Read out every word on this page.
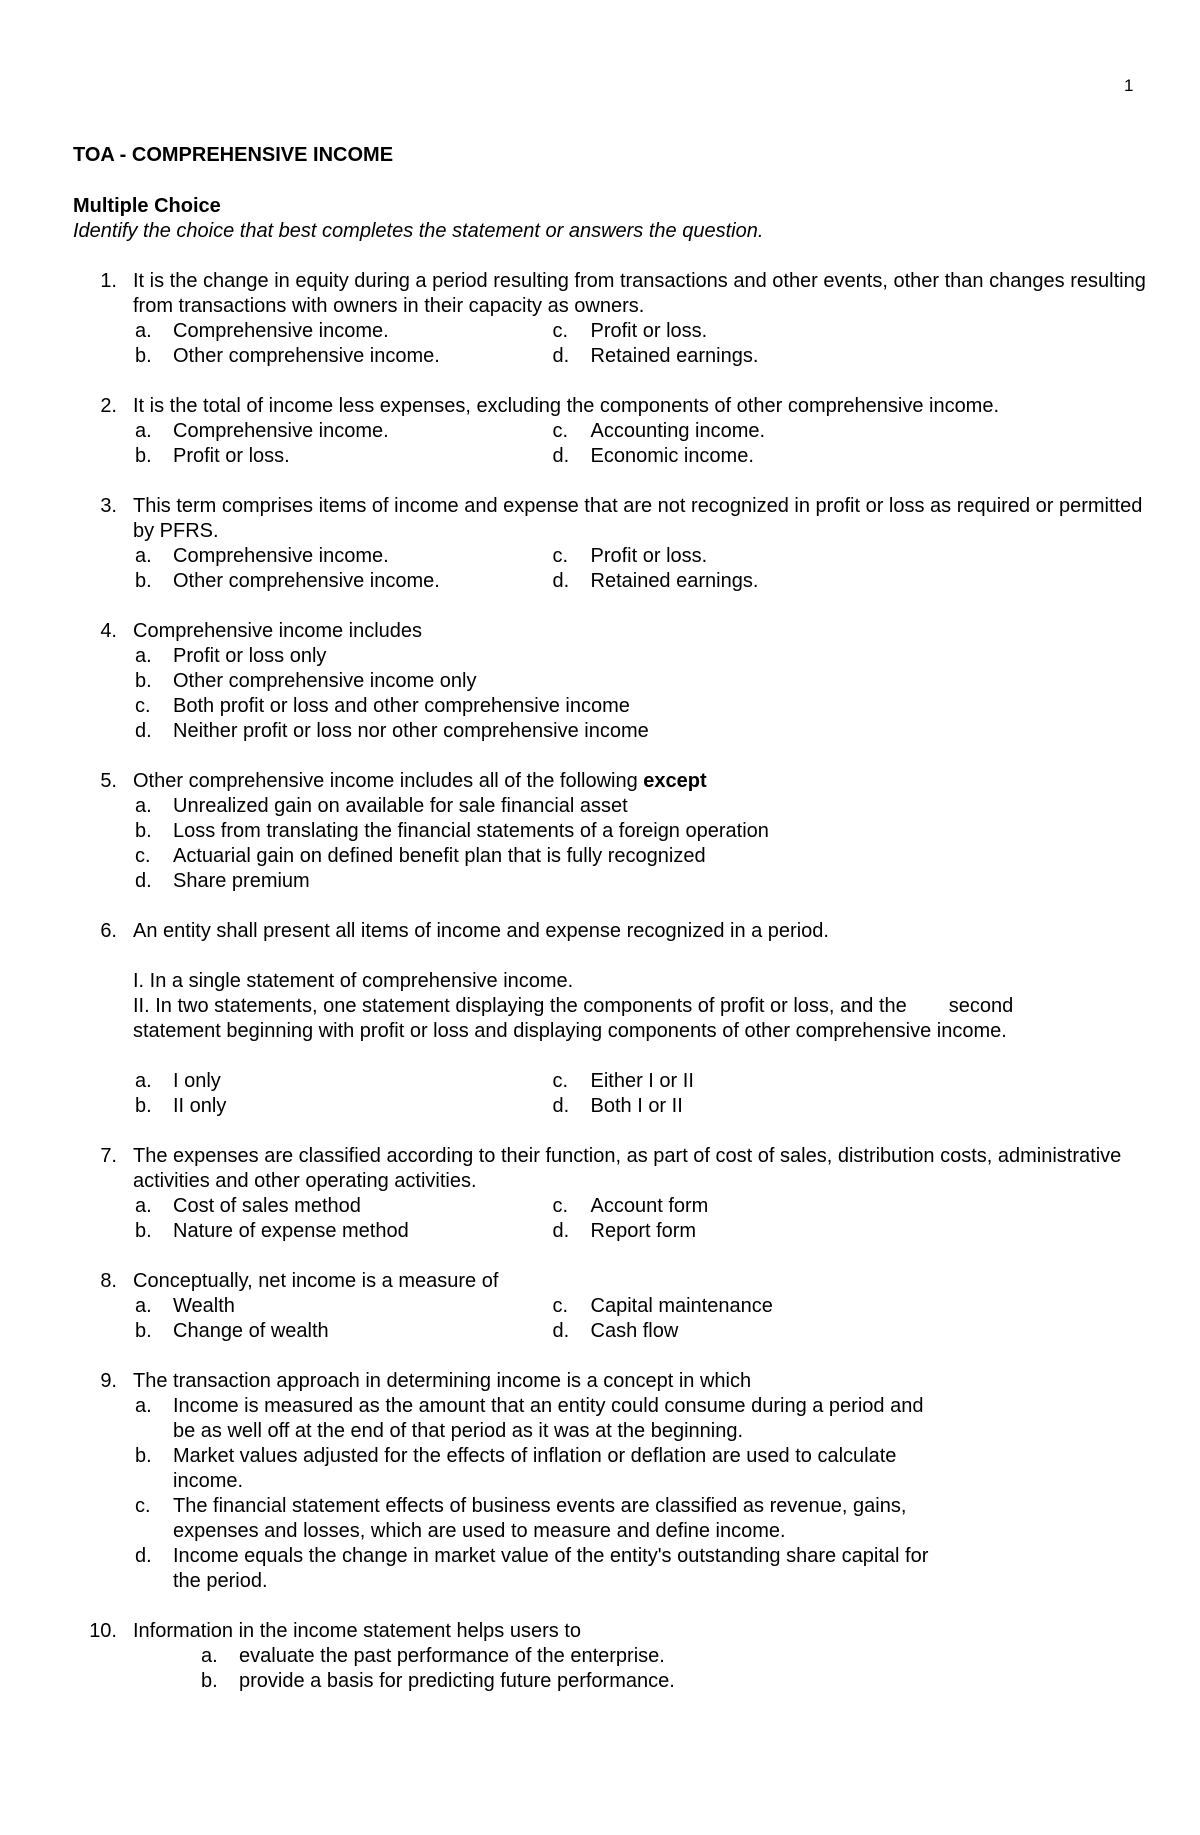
1
TOA - COMPREHENSIVE INCOME
Multiple Choice
Identify the choice that best completes the statement or answers the question.
1. It is the change in equity during a period resulting from transactions and other events, other than changes resulting from transactions with owners in their capacity as owners.
a. Comprehensive income.	c. Profit or loss.
b. Other comprehensive income.	d. Retained earnings.
2. It is the total of income less expenses, excluding the components of other comprehensive income.
a. Comprehensive income.	c. Accounting income.
b. Profit or loss.	d. Economic income.
3. This term comprises items of income and expense that are not recognized in profit or loss as required or permitted by PFRS.
a. Comprehensive income.	c. Profit or loss.
b. Other comprehensive income.	d. Retained earnings.
4. Comprehensive income includes
a. Profit or loss only
b. Other comprehensive income only
c. Both profit or loss and other comprehensive income
d. Neither profit or loss nor other comprehensive income
5. Other comprehensive income includes all of the following except
a. Unrealized gain on available for sale financial asset
b. Loss from translating the financial statements of a foreign operation
c. Actuarial gain on defined benefit plan that is fully recognized
d. Share premium
6. An entity shall present all items of income and expense recognized in a period.
I. In a single statement of comprehensive income.
II. In two statements, one statement displaying the components of profit or loss, and the second
statement beginning with profit or loss and displaying components of other comprehensive income.
a. I only	c. Either I or II
b. II only	d. Both I or II
7. The expenses are classified according to their function, as part of cost of sales, distribution costs, administrative activities and other operating activities.
a. Cost of sales method	c. Account form
b. Nature of expense method	d. Report form
8. Conceptually, net income is a measure of
a. Wealth	c. Capital maintenance
b. Change of wealth	d. Cash flow
9. The transaction approach in determining income is a concept in which
a. Income is measured as the amount that an entity could consume during a period and be as well off at the end of that period as it was at the beginning.
b. Market values adjusted for the effects of inflation or deflation are used to calculate income.
c. The financial statement effects of business events are classified as revenue, gains, expenses and losses, which are used to measure and define income.
d. Income equals the change in market value of the entity's outstanding share capital for the period.
10. Information in the income statement helps users to
a. evaluate the past performance of the enterprise.
b. provide a basis for predicting future performance.
